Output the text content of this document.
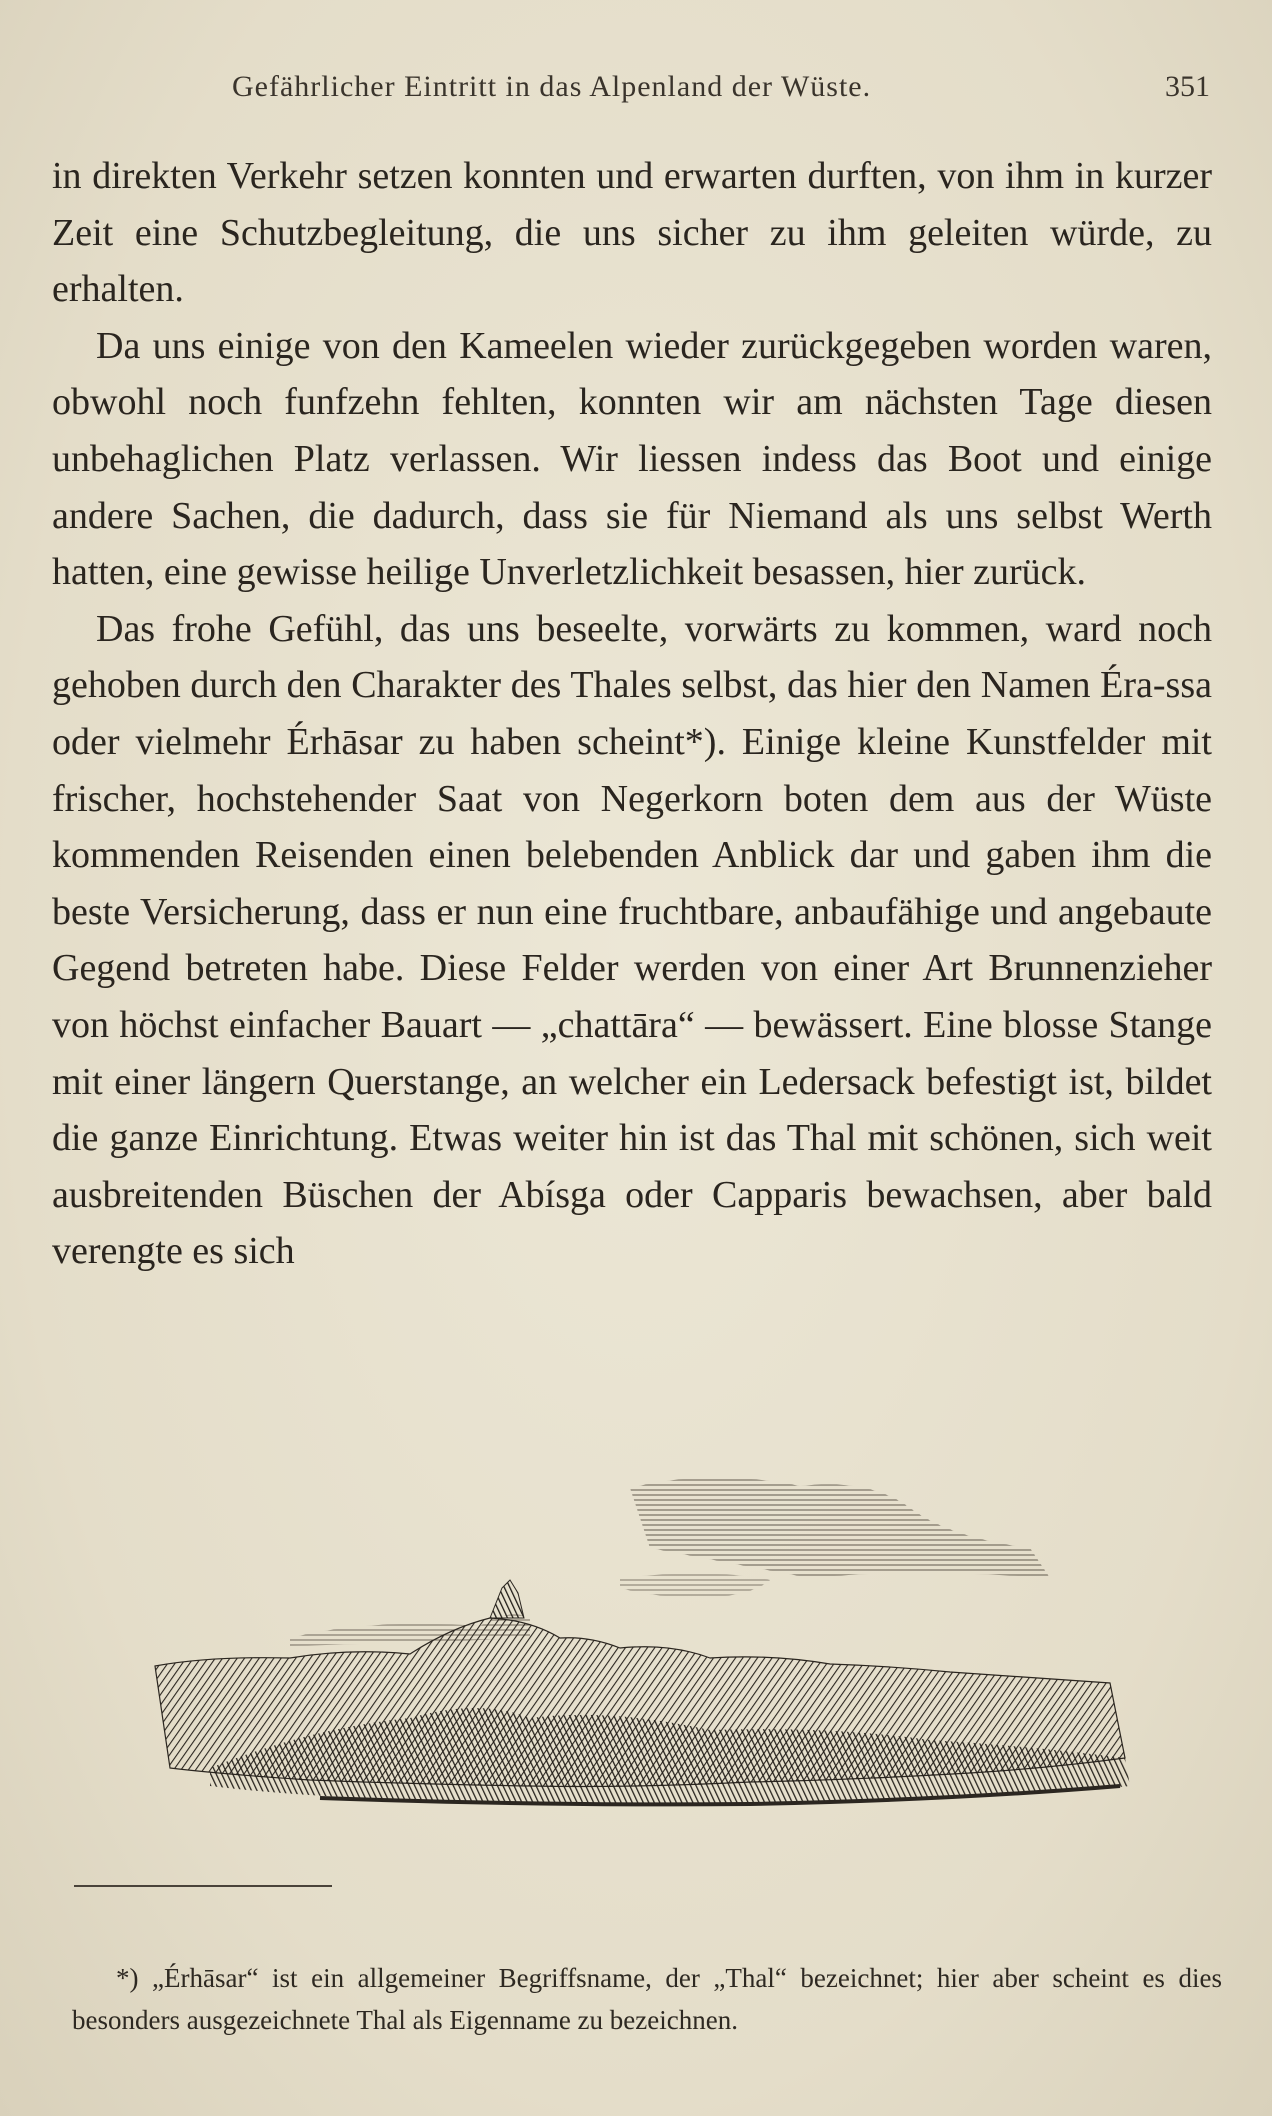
Gefährlicher Eintritt in das Alpenland der Wüste.	351

in direkten Verkehr setzen konnten und erwarten durften, von ihm in kurzer Zeit eine Schutzbegleitung, die uns sicher zu ihm geleiten würde, zu erhalten.

Da uns einige von den Kameelen wieder zurückgegeben worden waren, obwohl noch funfzehn fehlten, konnten wir am nächsten Tage diesen unbehaglichen Platz verlassen. Wir liessen indess das Boot und einige andere Sachen, die dadurch, dass sie für Niemand als uns selbst Werth hatten, eine gewisse heilige Unverletzlichkeit besassen, hier zurück.

Das frohe Gefühl, das uns beseelte, vorwärts zu kommen, ward noch gehoben durch den Charakter des Thales selbst, das hier den Namen Éra-ssa oder vielmehr Érhāsar zu haben scheint*). Einige kleine Kunstfelder mit frischer, hochstehender Saat von Negerkorn boten dem aus der Wüste kommenden Reisenden einen belebenden Anblick dar und gaben ihm die beste Versicherung, dass er nun eine fruchtbare, anbaufähige und angebaute Gegend betreten habe. Diese Felder werden von einer Art Brunnenzieher von höchst einfacher Bauart — „chattāra“ — bewässert. Eine blosse Stange mit einer längern Querstange, an welcher ein Ledersack befestigt ist, bildet die ganze Einrichtung. Etwas weiter hin ist das Thal mit schönen, sich weit ausbreitenden Büschen der Abísga oder Capparis bewachsen, aber bald verengte es sich

*) „Érhāsar“ ist ein allgemeiner Begriffsname, der „Thal“ bezeichnet; hier aber scheint es dies besonders ausgezeichnete Thal als Eigenname zu bezeichnen.
